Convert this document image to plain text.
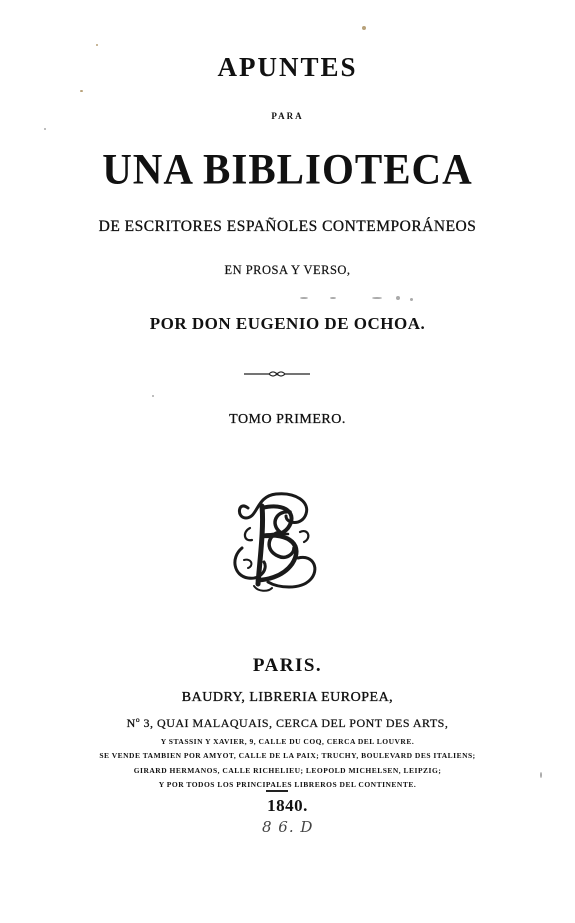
APUNTES
PARA
UNA BIBLIOTECA
DE ESCRITORES ESPAÑOLES CONTEMPORÁNEOS
EN PROSA Y VERSO,
POR DON EUGENIO DE OCHOA.
TOMO PRIMERO.
PARIS.
BAUDRY, LIBRERIA EUROPEA,
Nº 3, QUAI MALAQUAIS, CERCA DEL PONT DES ARTS,
Y STASSIN Y XAVIER, 9, CALLE DU COQ, CERCA DEL LOUVRE.
SE VENDE TAMBIEN POR AMYOT, CALLE DE LA PAIX; TRUCHY, BOULEVARD DES ITALIENS;
GIRARD HERMANOS, CALLE RICHELIEU; LEOPOLD MICHELSEN, LEIPZIG;
Y POR TODOS LOS PRINCIPALES LIBREROS DEL CONTINENTE.
1840.
8 6. D
